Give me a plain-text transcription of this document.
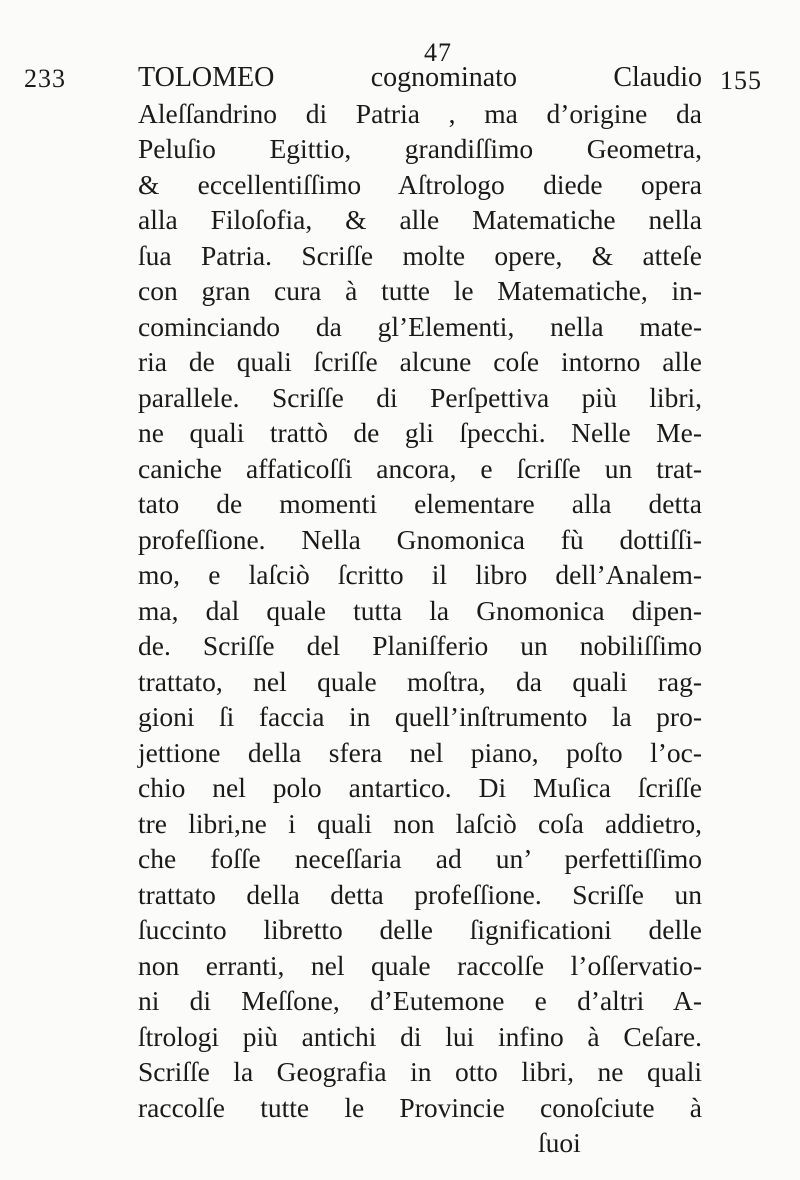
47
233	155
TOLOMEO cognominato Claudio
Aleſſandrino di Patria , ma d’origine da
Peluſio Egittio, grandiſſimo Geometra,
& eccellentiſſimo Aſtrologo diede opera
alla Filoſofia, & alle Matematiche nella
ſua Patria. Scriſſe molte opere, & atteſe
con gran cura à tutte le Matematiche, in-
cominciando da gl’Elementi, nella mate-
ria de quali ſcriſſe alcune coſe intorno alle
parallele. Scriſſe di Perſpettiva più libri,
ne quali trattò de gli ſpecchi. Nelle Me-
caniche affaticoſſi ancora, e ſcriſſe un trat-
tato de momenti elementare alla detta
profeſſione. Nella Gnomonica fù dottiſſi-
mo, e laſciò ſcritto il libro dell’Analem-
ma, dal quale tutta la Gnomonica dipen-
de. Scriſſe del Planiſferio un nobiliſſimo
trattato, nel quale moſtra, da quali rag-
gioni ſi faccia in quell’inſtrumento la pro-
jettione della sfera nel piano, poſto l’oc-
chio nel polo antartico. Di Muſica ſcriſſe
tre libri,ne i quali non laſciò coſa addietro,
che foſſe neceſſaria ad un’ perfettiſſimo
trattato della detta profeſſione. Scriſſe un
ſuccinto libretto delle ſignificationi delle
non erranti, nel quale raccolſe l’oſſervatio-
ni di Meſſone, d’Eutemone e d’altri A-
ſtrologi più antichi di lui infino à Ceſare.
Scriſſe la Geografia in otto libri, ne quali
raccolſe tutte le Provincie conoſciute à
ſuoi
